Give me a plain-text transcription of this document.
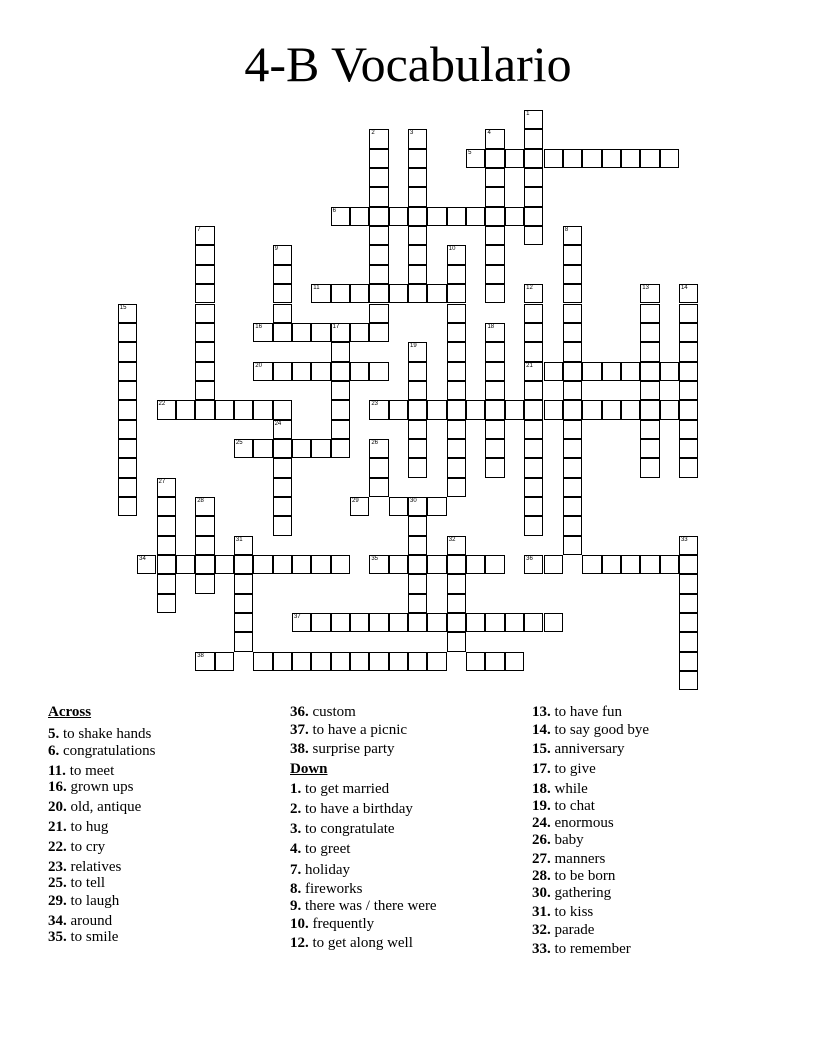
4-B Vocabulario
1
2	3	4
5
6
7	8
9	10
11	12	13	14
15
16	17	18
19
20	21
22	23
24
25	26
27
29	30
28
31	32	33
34	35	36
37
38
Across
5. to shake hands
6. congratulations
11. to meet
16. grown ups
20. old, antique
21. to hug
22. to cry
23. relatives
25. to tell
29. to laugh
34. around
35. to smile
Down
36. custom
37. to have a picnic
38. surprise party
1. to get married
2. to have a birthday
3. to congratulate
4. to greet
7. holiday
8. fireworks
9. there was / there were
10. frequently
12. to get along well
13. to have fun
14. to say good bye
15. anniversary
17. to give
18. while
19. to chat
24. enormous
26. baby
27. manners
28. to be born
30. gathering
31. to kiss
32. parade
33. to remember
